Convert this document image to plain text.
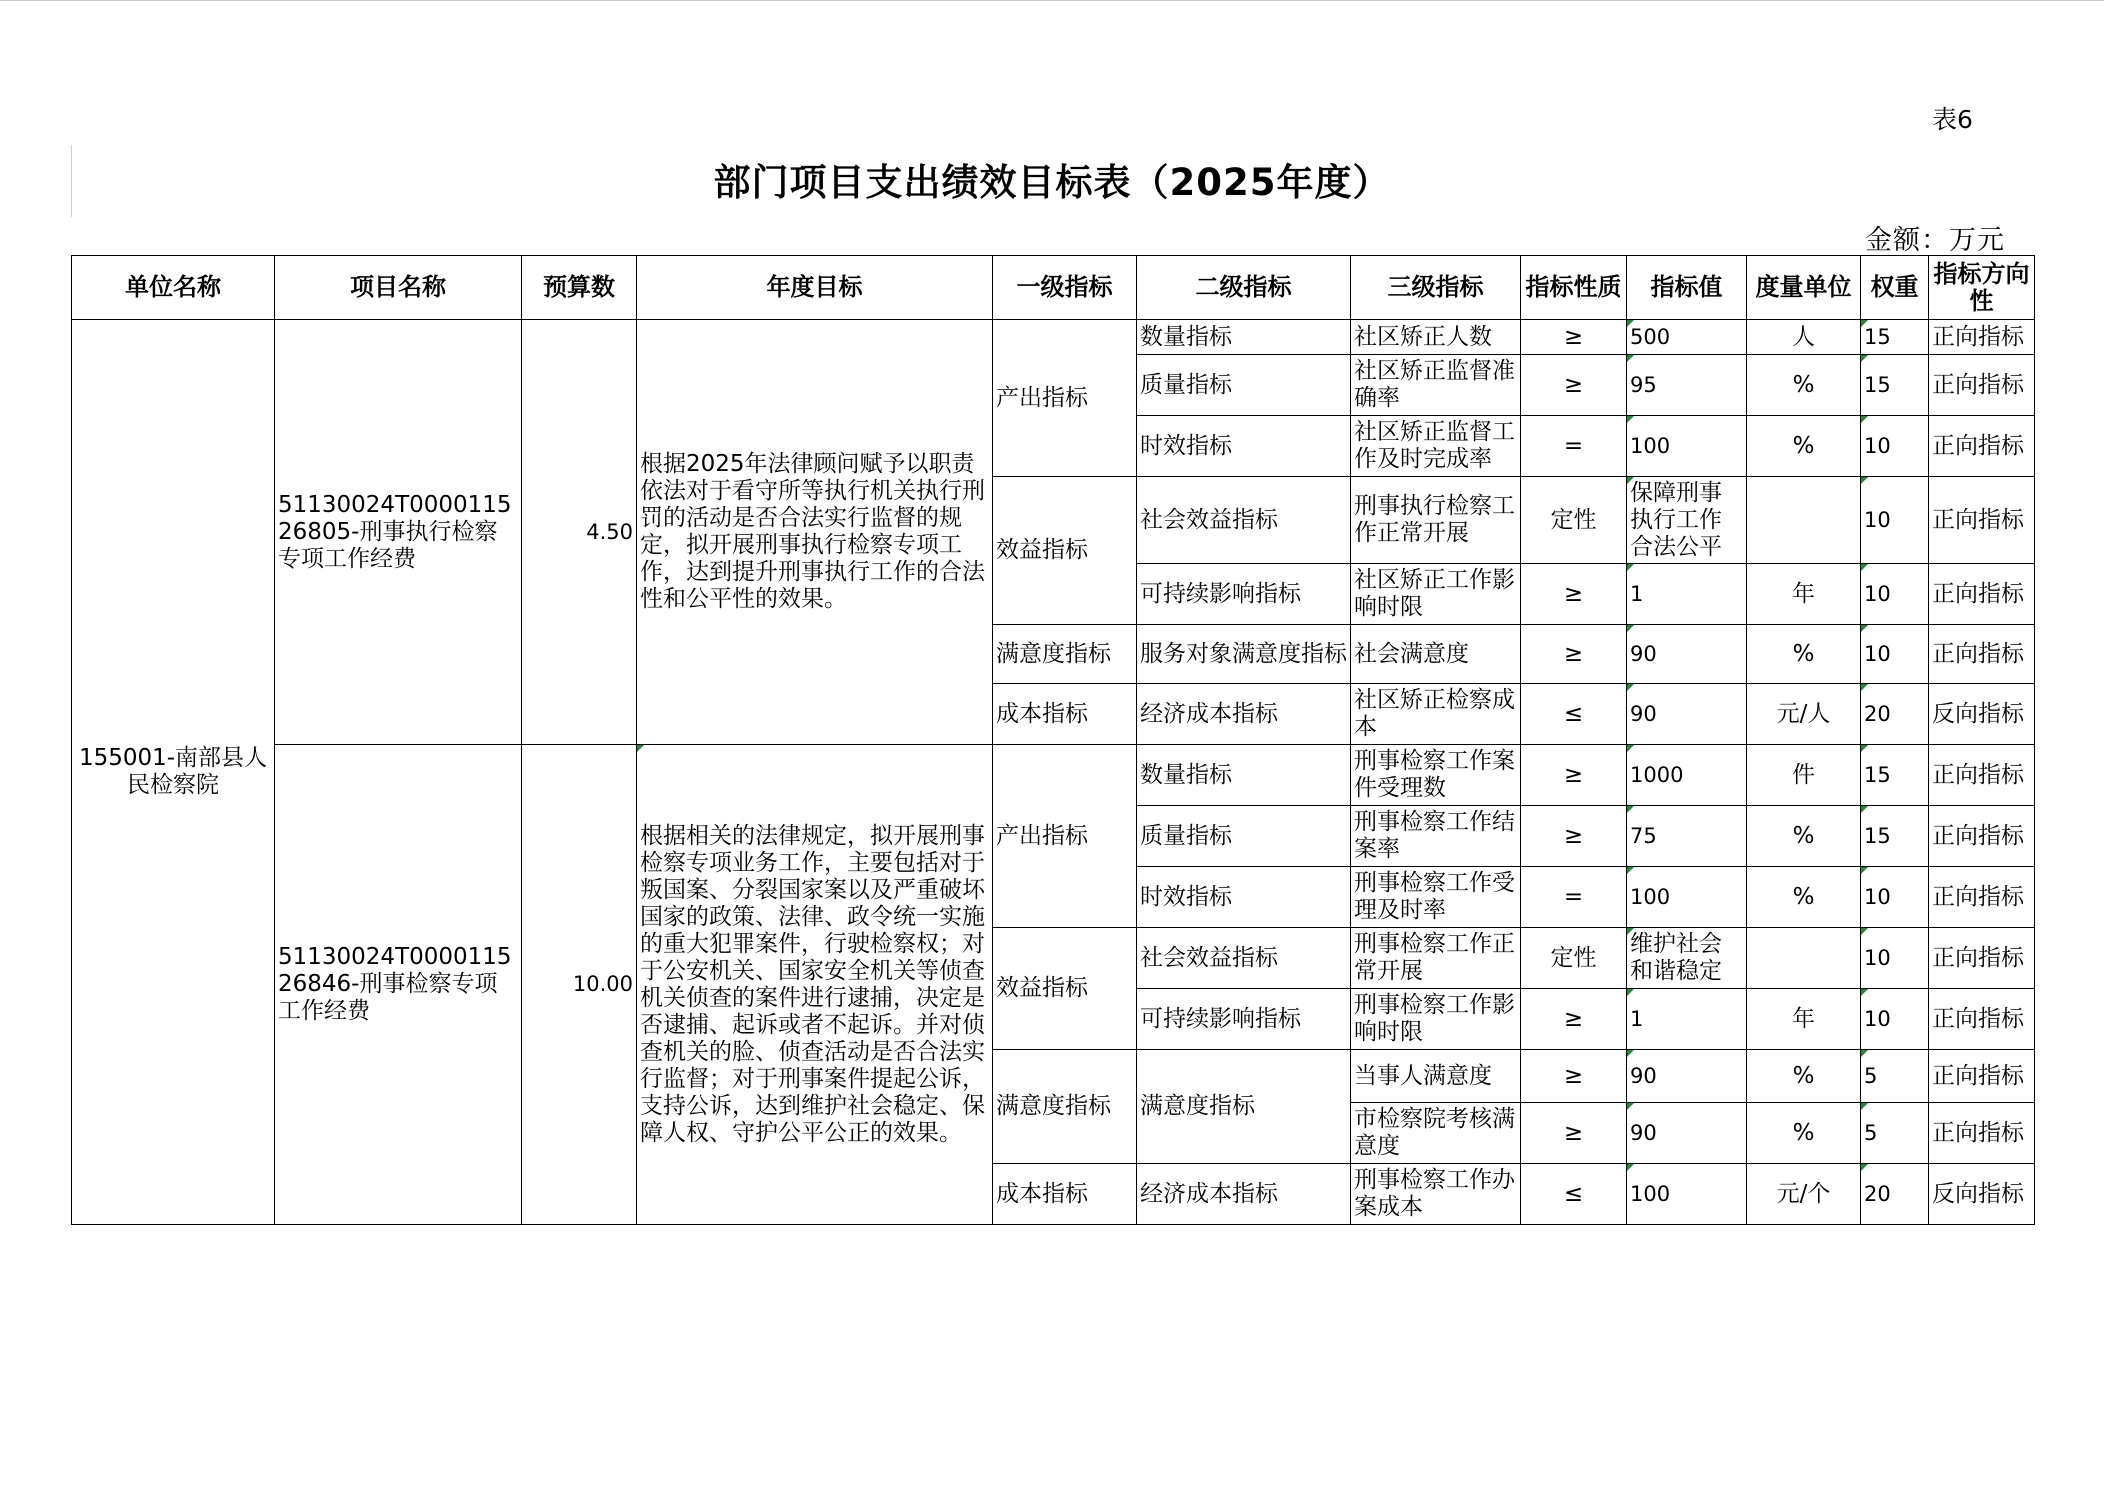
表6
部门项目支出绩效目标表（2025年度）
金额：万元
单位名称	项目名称	预算数	年度目标	一级指标	二级指标	三级指标	指标性质	指标值	度量单位	权重	指标方向性
155001-南部县人民检察院	51130024T000011526805-刑事执行检察专项工作经费	4.50	根据2025年法律顾问赋予以职责依法对于看守所等执行机关执行刑罚的活动是否合法实行监督的规定，拟开展刑事执行检察专项工作，达到提升刑事执行工作的合法性和公平性的效果。	产出指标	数量指标	社区矫正人数	≥	500	人	15	正向指标
					质量指标	社区矫正监督准确率	≥	95	%	15	正向指标
					时效指标	社区矫正监督工作及时完成率	=	100	%	10	正向指标
				效益指标	社会效益指标	刑事执行检察工作正常开展	定性	保障刑事执行工作合法公平		10	正向指标
					可持续影响指标	社区矫正工作影响时限	≥	1	年	10	正向指标
				满意度指标	服务对象满意度指标	社会满意度	≥	90	%	10	正向指标
				成本指标	经济成本指标	社区矫正检察成本	≤	90	元/人	20	反向指标
	51130024T000011526846-刑事检察专项工作经费	10.00	根据相关的法律规定，拟开展刑事检察专项业务工作，主要包括对于叛国案、分裂国家案以及严重破坏国家的政策、法律、政令统一实施的重大犯罪案件，行驶检察权；对于公安机关、国家安全机关等侦查机关侦查的案件进行逮捕，决定是否逮捕、起诉或者不起诉。并对侦查机关的脸、侦查活动是否合法实行监督；对于刑事案件提起公诉，支持公诉，达到维护社会稳定、保障人权、守护公平公正的效果。	产出指标	数量指标	刑事检察工作案件受理数	≥	1000	件	15	正向指标
					质量指标	刑事检察工作结案率	≥	75	%	15	正向指标
					时效指标	刑事检察工作受理及时率	=	100	%	10	正向指标
				效益指标	社会效益指标	刑事检察工作正常开展	定性	维护社会和谐稳定		10	正向指标
					可持续影响指标	刑事检察工作影响时限	≥	1	年	10	正向指标
				满意度指标	满意度指标	当事人满意度	≥	90	%	5	正向指标
						市检察院考核满意度	≥	90	%	5	正向指标
				成本指标	经济成本指标	刑事检察工作办案成本	≤	100	元/个	20	反向指标
